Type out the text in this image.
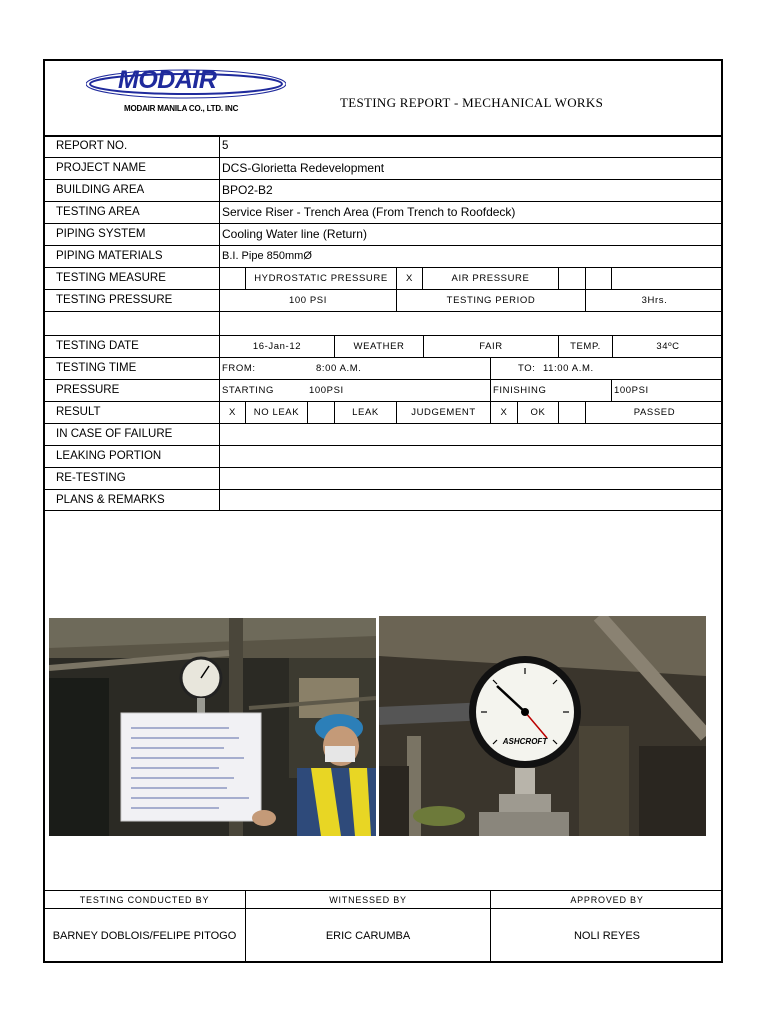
MODAIR
MODAIR MANILA CO., LTD. INC	TESTING REPORT - MECHANICAL WORKS
REPORT NO.	5
PROJECT NAME	DCS-Glorietta Redevelopment
BUILDING AREA	BPO2-B2
TESTING AREA	Service Riser - Trench Area (From Trench to Roofdeck)
PIPING SYSTEM	Cooling Water line (Return)
PIPING MATERIALS	B.I. Pipe 850mmØ
TESTING MEASURE	HYDROSTATIC PRESSURE	X	AIR PRESSURE
TESTING PRESSURE	100 PSI	TESTING PERIOD	3Hrs.
TESTING DATE	16-Jan-12	WEATHER	FAIR	TEMP.	34ºC
TESTING TIME	FROM:	8:00 A.M.	TO: 11:00 A.M.
PRESSURE	STARTING	100PSI	FINISHING	100PSI
RESULT	X	NO LEAK	LEAK	JUDGEMENT	X	OK	PASSED
IN CASE OF FAILURE
LEAKING PORTION
RE-TESTING
PLANS & REMARKS
ASHCROFT
TESTING CONDUCTED BY	WITNESSED BY	APPROVED BY
BARNEY DOBLOIS/FELIPE PITOGO	ERIC CARUMBA	NOLI REYES
